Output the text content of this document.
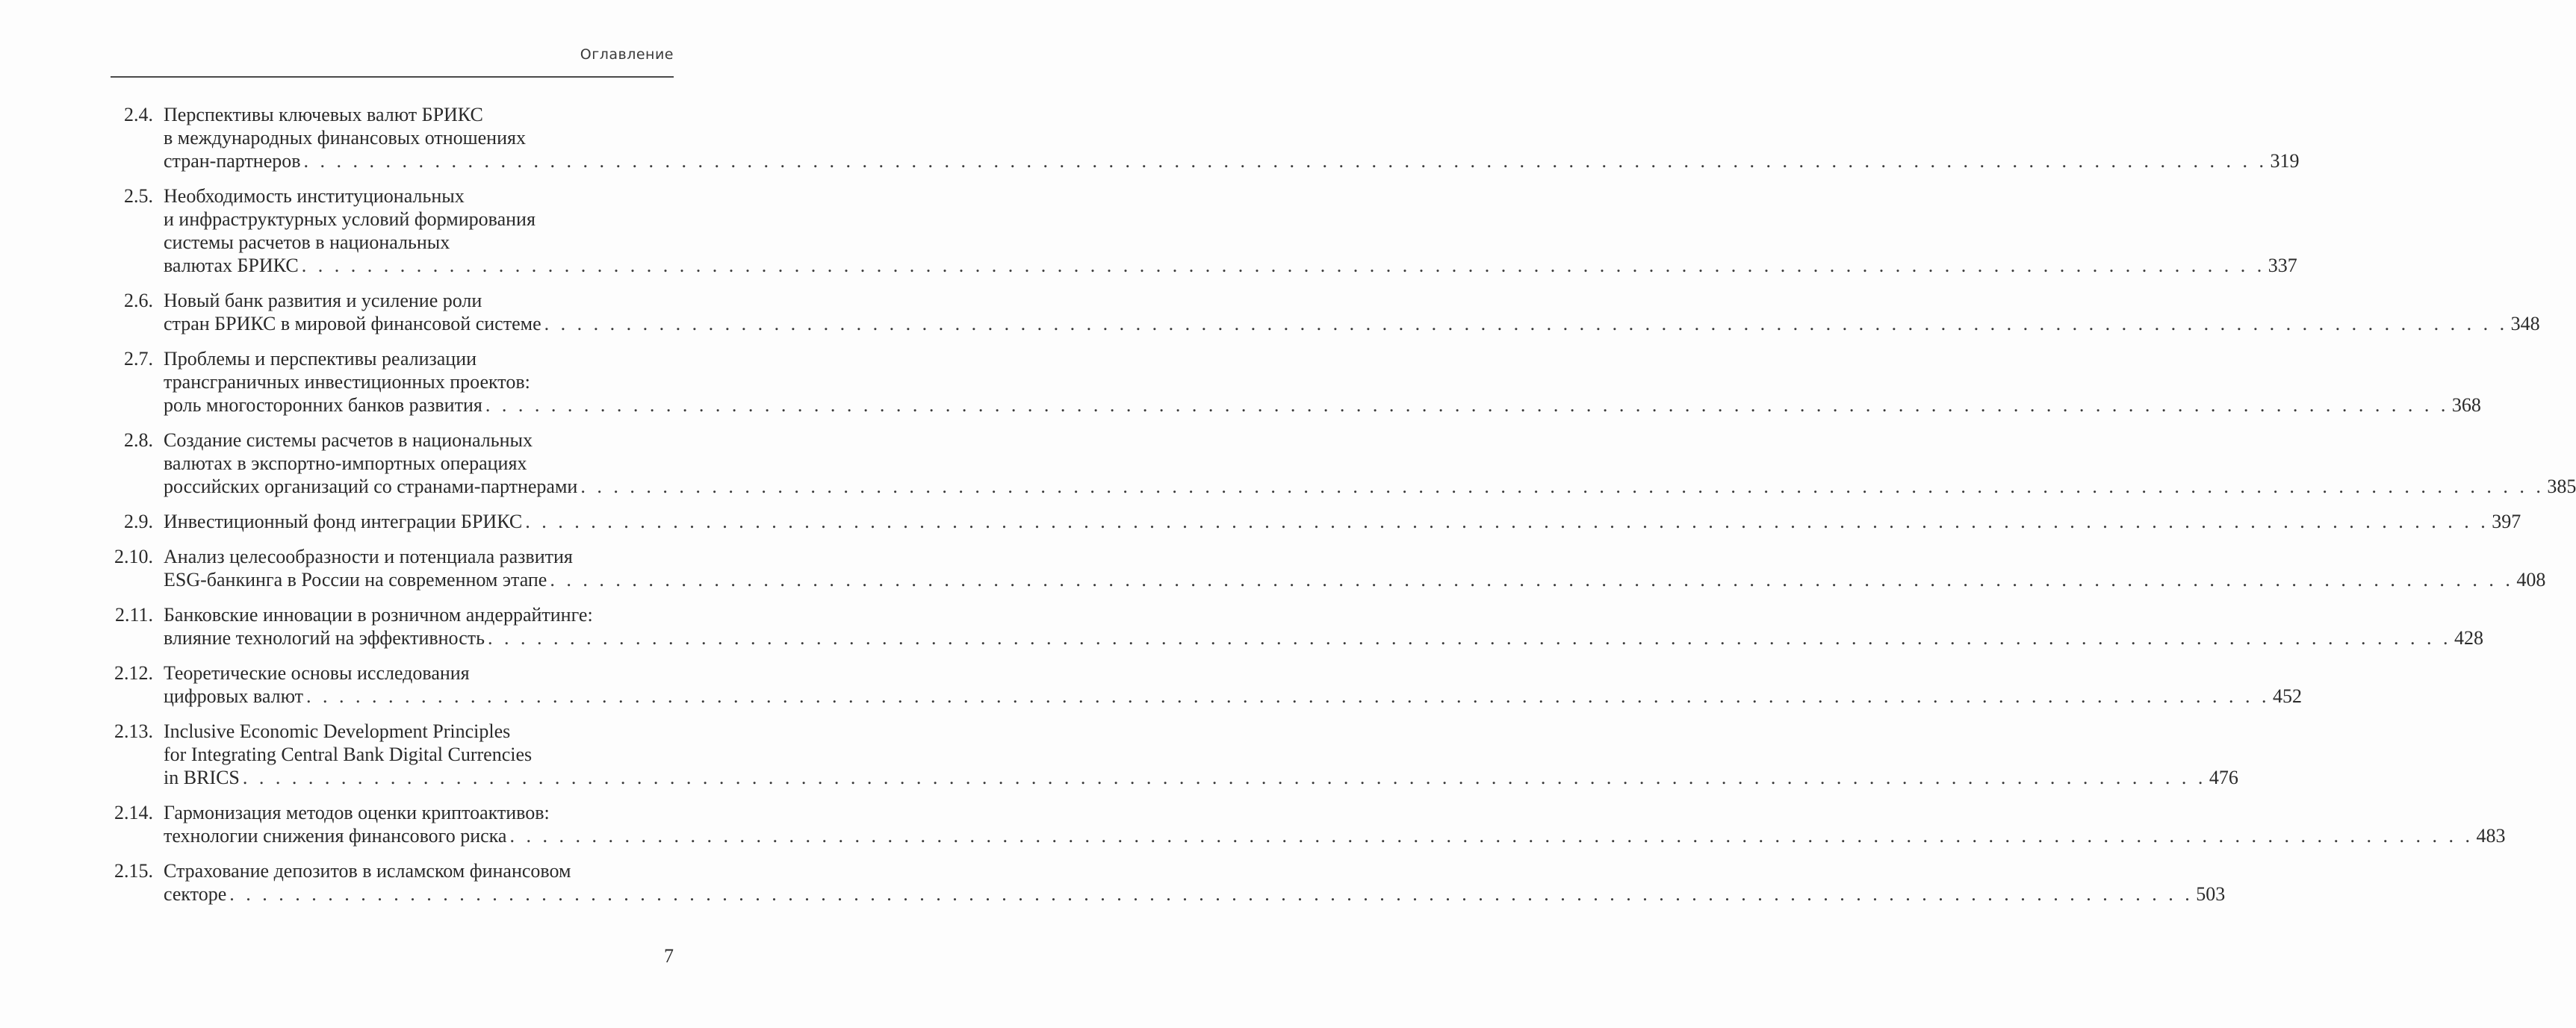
Оглавление
2.4. Перспективы ключевых валют БРИКС
в международных финансовых отношениях
стран-партнеров . . . . . . . . . . . . . . . . . . . . . . . . . . . . . . . . . . . . . . . . . . . . . . . . . . . . . . . . . . . . . . . . . . . . . . . . . . . . . . . . . . . . . . . . . . . . . . . . . . . . . . . . . . . . . . . . . . . . . . . . 319
2.5. Необходимость институциональных
и инфраструктурных условий формирования
системы расчетов в национальных
валютах БРИКС . . . . . . . . . . . . . . . . . . . . . . . . . . . . . . . . . . . . . . . . . . . . . . . . . . . . . . . . . . . . . . . . . . . . . . . . . . . . . . . . . . . . . . . . . . . . . . . . . . . . . . . . . . . . . . . . . . . . . . . . 337
2.6. Новый банк развития и усиление роли
стран БРИКС в мировой финансовой системе . . . . . . . . . . . . . . . . . . . . . . . . . . . . . . . . . . . . . . . . . . . . . . . . . . . . . . . . . . . . . . . . . . . . . . . . . . . . . . . . . . . . . . . . . . . . . . . . . . . . . . . . . . . . . . . . . . . . . . . . 348
2.7. Проблемы и перспективы реализации
трансграничных инвестиционных проектов:
роль многосторонних банков развития . . . . . . . . . . . . . . . . . . . . . . . . . . . . . . . . . . . . . . . . . . . . . . . . . . . . . . . . . . . . . . . . . . . . . . . . . . . . . . . . . . . . . . . . . . . . . . . . . . . . . . . . . . . . . . . . . . . . . . . . 368
2.8. Создание системы расчетов в национальных
валютах в экспортно-импортных операциях
российских организаций со странами-партнерами . . . . . . . . . . . . . . . . . . . . . . . . . . . . . . . . . . . . . . . . . . . . . . . . . . . . . . . . . . . . . . . . . . . . . . . . . . . . . . . . . . . . . . . . . . . . . . . . . . . . . . . . . . . . . . . . . . . . . . . . 385
2.9. Инвестиционный фонд интеграции БРИКС . . . . . . . . . . . . . . . . . . . . . . . . . . . . . . . . . . . . . . . . . . . . . . . . . . . . . . . . . . . . . . . . . . . . . . . . . . . . . . . . . . . . . . . . . . . . . . . . . . . . . . . . . . . . . . . . . . . . . . . . 397
2.10. Анализ целесообразности и потенциала развития
ESG-банкинга в России на современном этапе . . . . . . . . . . . . . . . . . . . . . . . . . . . . . . . . . . . . . . . . . . . . . . . . . . . . . . . . . . . . . . . . . . . . . . . . . . . . . . . . . . . . . . . . . . . . . . . . . . . . . . . . . . . . . . . . . . . . . . . . 408
2.11. Банковские инновации в розничном андеррайтинге:
влияние технологий на эффективность . . . . . . . . . . . . . . . . . . . . . . . . . . . . . . . . . . . . . . . . . . . . . . . . . . . . . . . . . . . . . . . . . . . . . . . . . . . . . . . . . . . . . . . . . . . . . . . . . . . . . . . . . . . . . . . . . . . . . . . . 428
2.12. Теоретические основы исследования
цифровых валют . . . . . . . . . . . . . . . . . . . . . . . . . . . . . . . . . . . . . . . . . . . . . . . . . . . . . . . . . . . . . . . . . . . . . . . . . . . . . . . . . . . . . . . . . . . . . . . . . . . . . . . . . . . . . . . . . . . . . . . . 452
2.13. Inclusive Economic Development Principles
for Integrating Central Bank Digital Currencies
in BRICS . . . . . . . . . . . . . . . . . . . . . . . . . . . . . . . . . . . . . . . . . . . . . . . . . . . . . . . . . . . . . . . . . . . . . . . . . . . . . . . . . . . . . . . . . . . . . . . . . . . . . . . . . . . . . . . . . . . . . . . . 476
2.14. Гармонизация методов оценки криптоактивов:
технологии снижения финансового риска . . . . . . . . . . . . . . . . . . . . . . . . . . . . . . . . . . . . . . . . . . . . . . . . . . . . . . . . . . . . . . . . . . . . . . . . . . . . . . . . . . . . . . . . . . . . . . . . . . . . . . . . . . . . . . . . . . . . . . . . 483
2.15. Страхование депозитов в исламском финансовом
секторе . . . . . . . . . . . . . . . . . . . . . . . . . . . . . . . . . . . . . . . . . . . . . . . . . . . . . . . . . . . . . . . . . . . . . . . . . . . . . . . . . . . . . . . . . . . . . . . . . . . . . . . . . . . . . . . . . . . . . . . . 503
7
